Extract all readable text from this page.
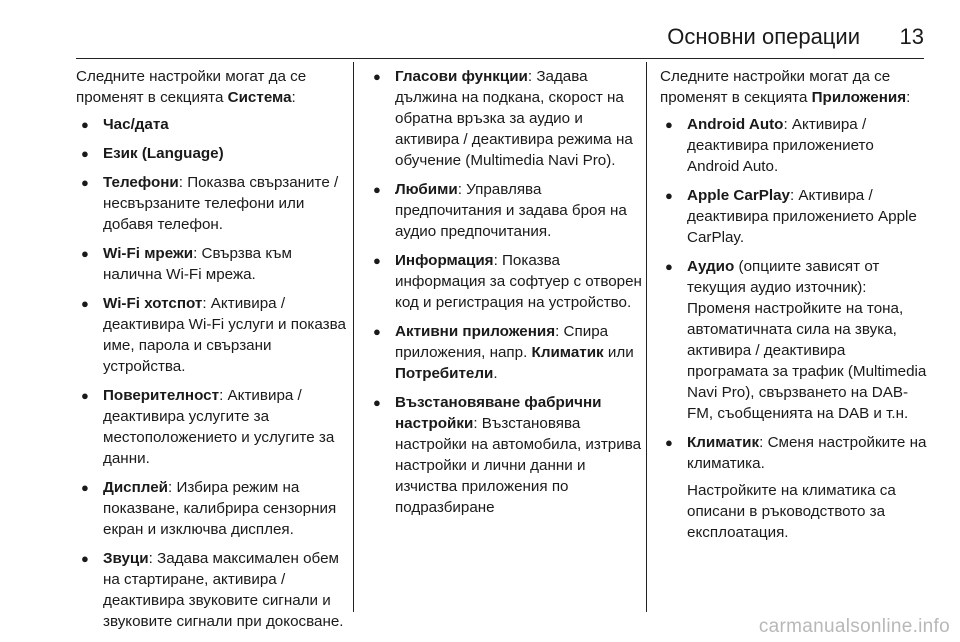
Основни операции 13

Следните настройки могат да се променят в секцията Система:

● Час/дата
● Език (Language)
● Телефони: Показва свързаните / несвързаните телефони или добавя телефон.
● Wi-Fi мрежи: Свързва към налична Wi-Fi мрежа.
● Wi-Fi хотспот: Активира / деактивира Wi-Fi услуги и показва име, парола и свързани устройства.
● Поверителност: Активира / деактивира услугите за местоположението и услугите за данни.
● Дисплей: Избира режим на показване, калибрира сензорния екран и изключва дисплея.
● Звуци: Задава максимален обем на стартиране, активира / деактивира звуковите сигнали и звуковите сигнали при докосване.
● Гласови функции: Задава дължина на подкана, скорост на обратна връзка за аудио и активира / деактивира режима на обучение (Multimedia Navi Pro).
● Любими: Управлява предпочитания и задава броя на аудио предпочитания.
● Информация: Показва информация за софтуер с отворен код и регистрация на устройство.
● Активни приложения: Спира приложения, напр. Климатик или Потребители.
● Възстановяване фабрични настройки: Възстановява настройки на автомобила, изтрива настройки и лични данни и изчиства приложения по подразбиране

Следните настройки могат да се променят в секцията Приложения:

● Android Auto: Активира / деактивира приложението Android Auto.
● Apple CarPlay: Активира / деактивира приложението Apple CarPlay.
● Аудио (опциите зависят от текущия аудио източник): Променя настройките на тона, автоматичната сила на звука, активира / деактивира програмата за трафик (Multimedia Navi Pro), свързването на DAB-FM, съобщенията на DAB и т.н.
● Климатик: Сменя настройките на климатика.
Настройките на климатика са описани в ръководството за експлоатация.
carmanualsonline.info
